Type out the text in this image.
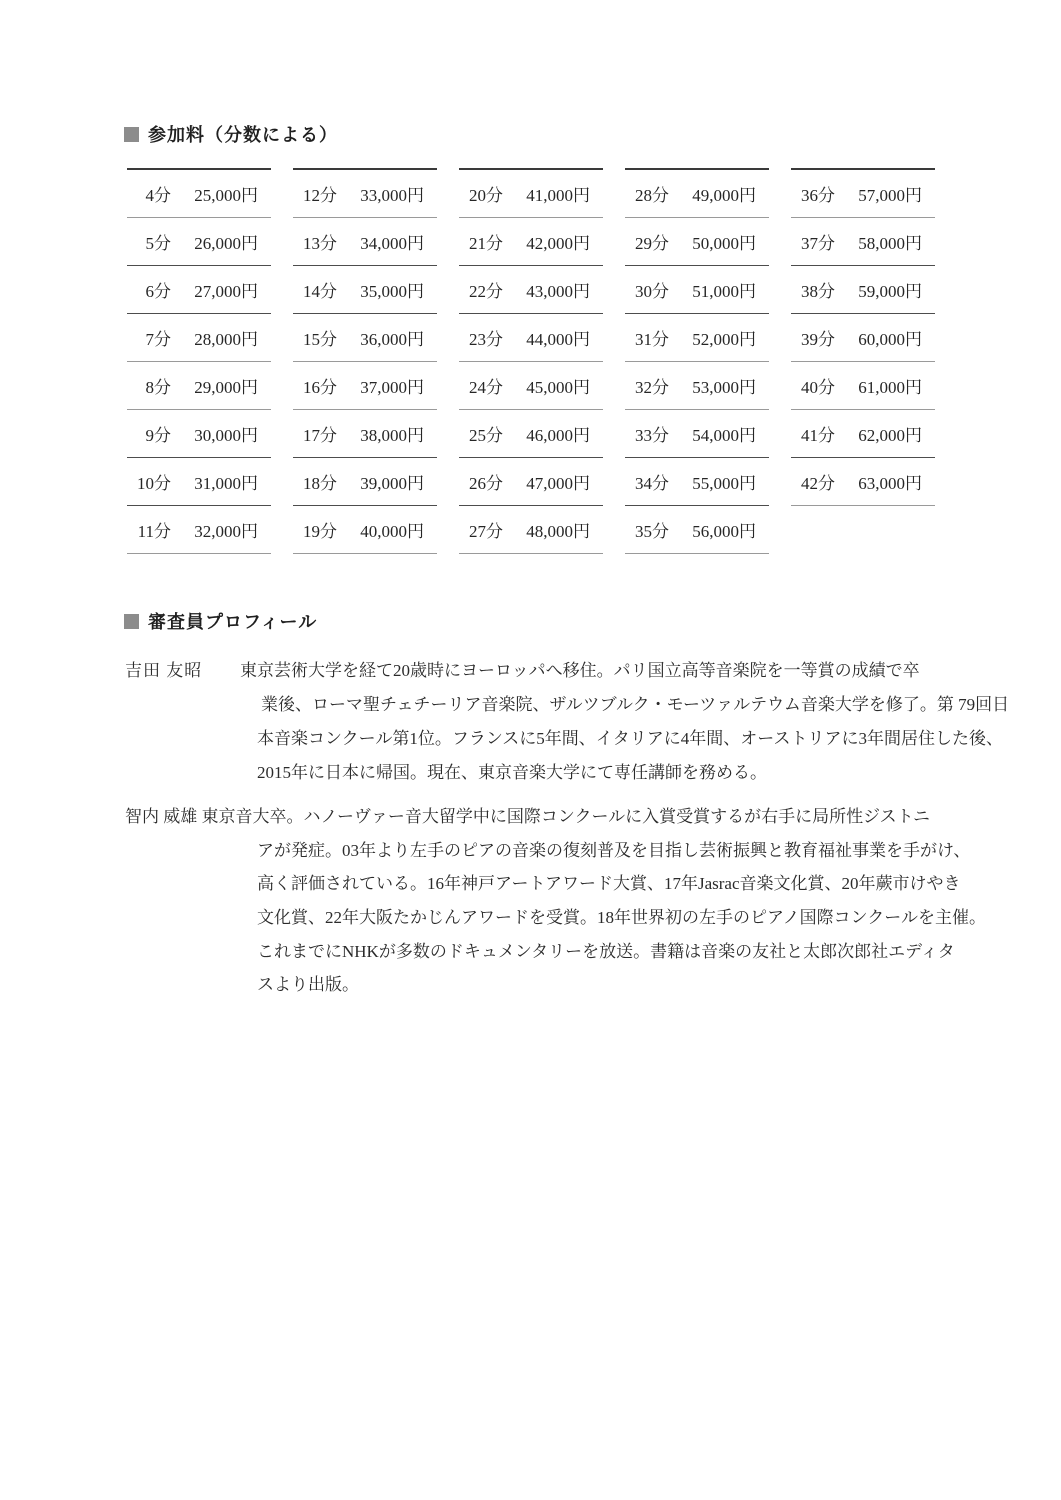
参加料（分数による）
4分	25,000円
5分	26,000円
6分	27,000円
7分	28,000円
8分	29,000円
9分	30,000円
10分	31,000円
11分	32,000円
12分	33,000円
13分	34,000円
14分	35,000円
15分	36,000円
16分	37,000円
17分	38,000円
18分	39,000円
19分	40,000円
20分	41,000円
21分	42,000円
22分	43,000円
23分	44,000円
24分	45,000円
25分	46,000円
26分	47,000円
27分	48,000円
28分	49,000円
29分	50,000円
30分	51,000円
31分	52,000円
32分	53,000円
33分	54,000円
34分	55,000円
35分	56,000円
36分	57,000円
37分	58,000円
38分	59,000円
39分	60,000円
40分	61,000円
41分	62,000円
42分	63,000円
審査員プロフィール
吉田 友昭 東京芸術大学を経て20歳時にヨーロッパへ移住。パリ国立高等音楽院を一等賞の成績で卒
業後、ローマ聖チェチーリア音楽院、ザルツブルク・モーツァルテウム音楽大学を修了。第 79回日
本音楽コンクール第1位。フランスに5年間、イタリアに4年間、オーストリアに3年間居住した後、
2015年に日本に帰国。現在、東京音楽大学にて専任講師を務める。
智内 威雄 東京音大卒。ハノーヴァー音大留学中に国際コンクールに入賞受賞するが右手に局所性ジストニ
アが発症。03年より左手のピアの音楽の復刻普及を目指し芸術振興と教育福祉事業を手がけ、
高く評価されている。16年神戸アートアワード大賞、17年Jasrac音楽文化賞、20年蕨市けやき
文化賞、22年大阪たかじんアワードを受賞。18年世界初の左手のピアノ国際コンクールを主催。
これまでにNHKが多数のドキュメンタリーを放送。書籍は音楽の友社と太郎次郎社エディタ
スより出版。
